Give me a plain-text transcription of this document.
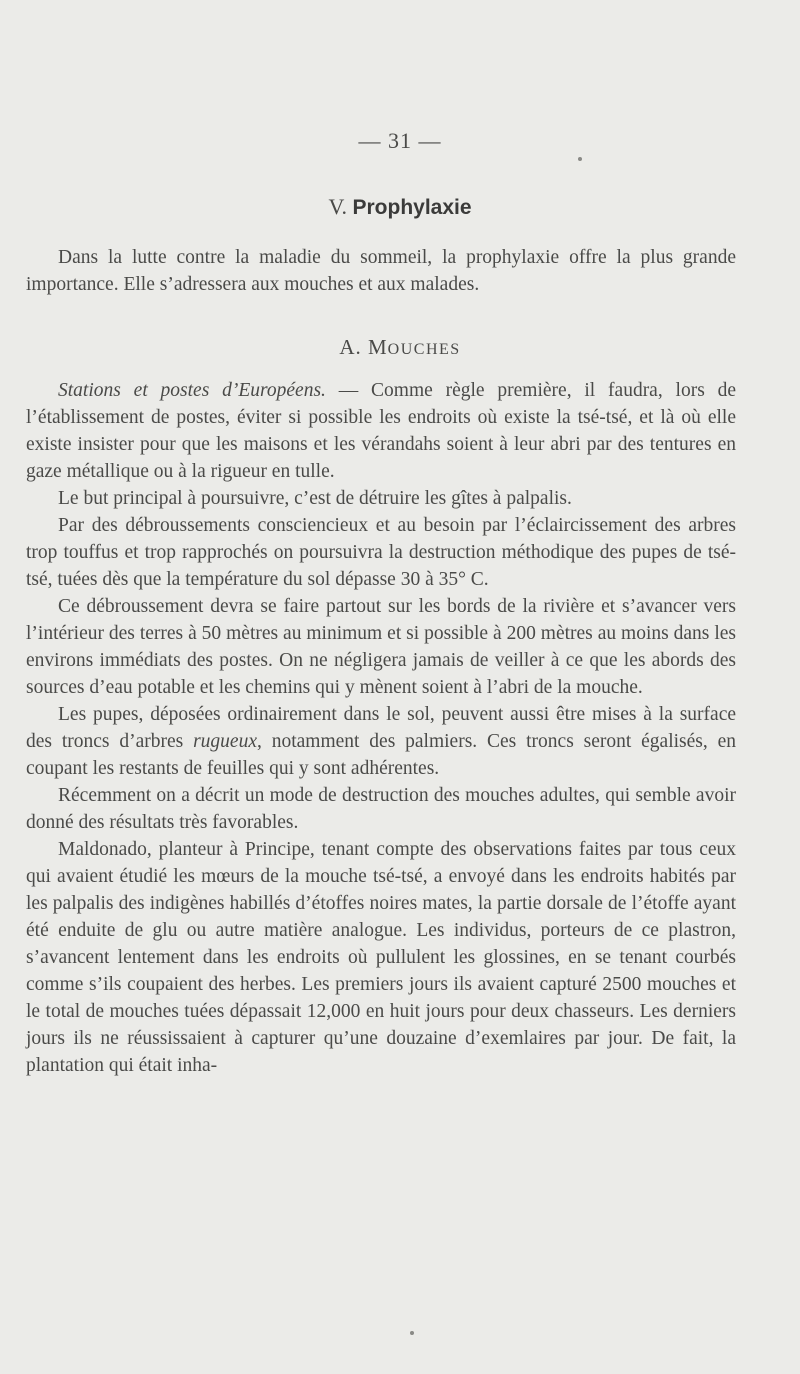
— 31 —
V. Prophylaxie

Dans la lutte contre la maladie du sommeil, la prophylaxie offre la plus grande importance. Elle s’adressera aux mouches et aux malades.

A. MOUCHES

Stations et postes d’Européens. — Comme règle première, il faudra, lors de l’établissement de postes, éviter si possible les endroits où existe la tsé-tsé, et là où elle existe insister pour que les maisons et les vérandahs soient à leur abri par des tentures en gaze métallique ou à la rigueur en tulle.

Le but principal à poursuivre, c’est de détruire les gîtes à palpalis.

Par des débroussements consciencieux et au besoin par l’éclaircissement des arbres trop touffus et trop rapprochés on poursuivra la destruction méthodique des pupes de tsé-tsé, tuées dès que la température du sol dépasse 30 à 35° C.

Ce débroussement devra se faire partout sur les bords de la rivière et s’avancer vers l’intérieur des terres à 50 mètres au minimum et si possible à 200 mètres au moins dans les environs immédiats des postes. On ne négligera jamais de veiller à ce que les abords des sources d’eau potable et les chemins qui y mènent soient à l’abri de la mouche.

Les pupes, déposées ordinairement dans le sol, peuvent aussi être mises à la surface des troncs d’arbres rugueux, notamment des palmiers. Ces troncs seront égalisés, en coupant les restants de feuilles qui y sont adhérentes.

Récemment on a décrit un mode de destruction des mouches adultes, qui semble avoir donné des résultats très favorables.

Maldonado, planteur à Principe, tenant compte des observations faites par tous ceux qui avaient étudié les mœurs de la mouche tsé-tsé, a envoyé dans les endroits habités par les palpalis des indigènes habillés d’étoffes noires mates, la partie dorsale de l’étoffe ayant été enduite de glu ou autre matière analogue. Les individus, porteurs de ce plastron, s’avancent lentement dans les endroits où pullulent les glossines, en se tenant courbés comme s’ils coupaient des herbes. Les premiers jours ils avaient capturé 2500 mouches et le total de mouches tuées dépassait 12,000 en huit jours pour deux chasseurs. Les derniers jours ils ne réussissaient à capturer qu’une douzaine d’exemlaires par jour. De fait, la plantation qui était inha-
